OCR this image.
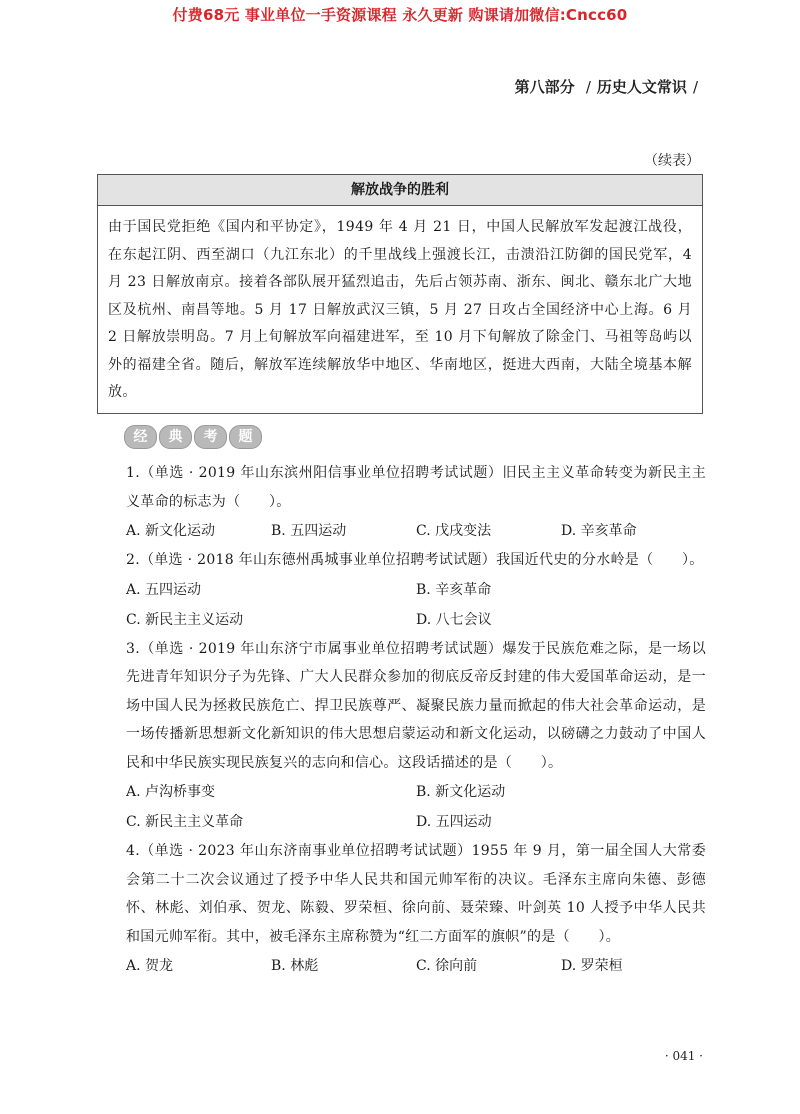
付费68元 事业单位一手资源课程 永久更新 购课请加微信:Cncc60
第八部分 / 历史人文常识 /
（续表）
解放战争的胜利
由于国民党拒绝《国内和平协定》，1949 年 4 月 21 日，中国人民解放军发起渡江战役，在东起江阴、西至湖口（九江东北）的千里战线上强渡长江，击溃沿江防御的国民党军，4 月 23 日解放南京。接着各部队展开猛烈追击，先后占领苏南、浙东、闽北、赣东北广大地区及杭州、南昌等地。5 月 17 日解放武汉三镇，5 月 27 日攻占全国经济中心上海。6 月 2 日解放崇明岛。7 月上旬解放军向福建进军，至 10 月下旬解放了除金门、马祖等岛屿以外的福建全省。随后，解放军连续解放华中地区、华南地区，挺进大西南，大陆全境基本解放。
经	典	考	题
1.（单选 · 2019 年山东滨州阳信事业单位招聘考试试题）旧民主主义革命转变为新民主主义革命的标志为（　　）。
A. 新文化运动	B. 五四运动	C. 戊戌变法	D. 辛亥革命
2.（单选 · 2018 年山东德州禹城事业单位招聘考试试题）我国近代史的分水岭是（　　）。
A. 五四运动	B. 辛亥革命
C. 新民主主义运动	D. 八七会议
3.（单选 · 2019 年山东济宁市属事业单位招聘考试试题）爆发于民族危难之际，是一场以先进青年知识分子为先锋、广大人民群众参加的彻底反帝反封建的伟大爱国革命运动，是一场中国人民为拯救民族危亡、捍卫民族尊严、凝聚民族力量而掀起的伟大社会革命运动，是一场传播新思想新文化新知识的伟大思想启蒙运动和新文化运动，以磅礴之力鼓动了中国人民和中华民族实现民族复兴的志向和信心。这段话描述的是（　　）。
A. 卢沟桥事变	B. 新文化运动
C. 新民主主义革命	D. 五四运动
4.（单选 · 2023 年山东济南事业单位招聘考试试题）1955 年 9 月，第一届全国人大常委会第二十二次会议通过了授予中华人民共和国元帅军衔的决议。毛泽东主席向朱德、彭德怀、林彪、刘伯承、贺龙、陈毅、罗荣桓、徐向前、聂荣臻、叶剑英 10 人授予中华人民共和国元帅军衔。其中，被毛泽东主席称赞为“红二方面军的旗帜”的是（　　）。
A. 贺龙	B. 林彪	C. 徐向前	D. 罗荣桓
· 041 ·
